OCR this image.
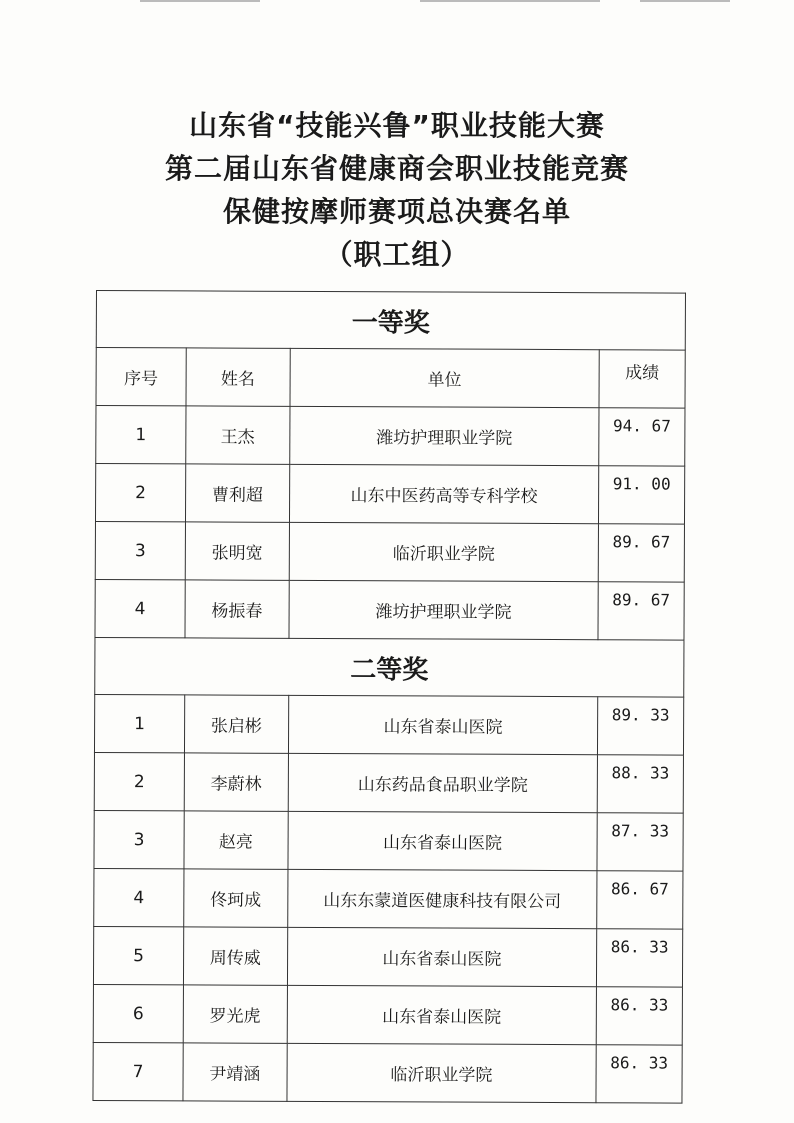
山东省“技能兴鲁”职业技能大赛
第二届山东省健康商会职业技能竞赛
保健按摩师赛项总决赛名单
（职工组）
一等奖			
序号	姓名	单位	成绩
1	王杰	潍坊护理职业学院	94. 67
2	曹利超	山东中医药高等专科学校	91. 00
3	张明宽	临沂职业学院	89. 67
4	杨振春	潍坊护理职业学院	89. 67
二等奖			
1	张启彬	山东省泰山医院	89. 33
2	李蔚林	山东药品食品职业学院	88. 33
3	赵亮	山东省泰山医院	87. 33
4	佟珂成	山东东蒙道医健康科技有限公司	86. 67
5	周传威	山东省泰山医院	86. 33
6	罗光虎	山东省泰山医院	86. 33
7	尹靖涵	临沂职业学院	86. 33
